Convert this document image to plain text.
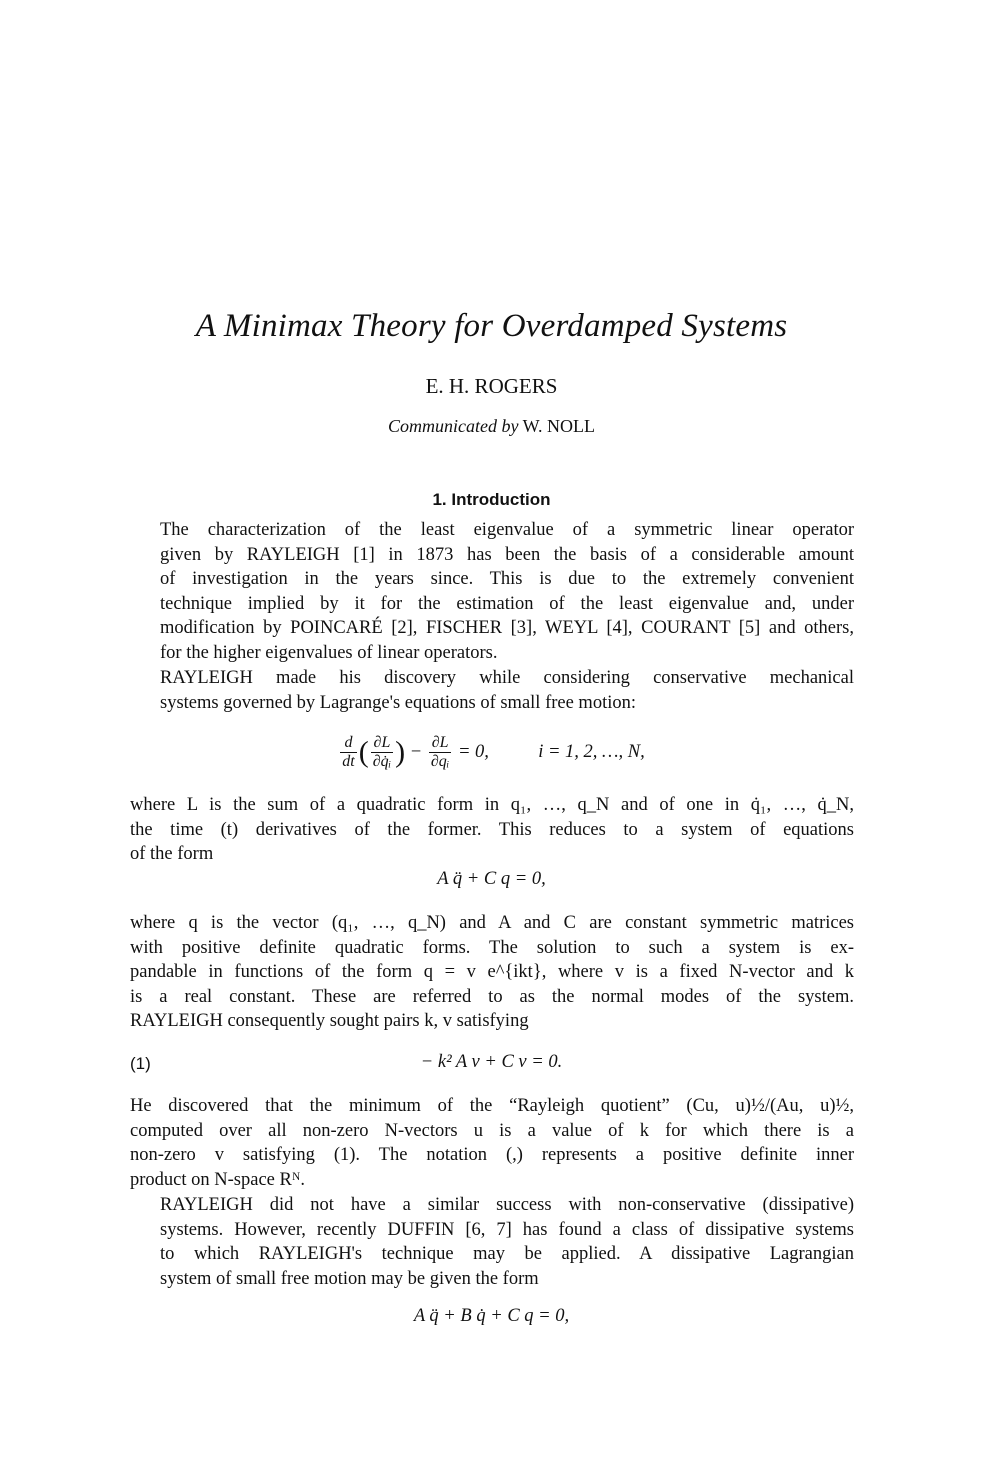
A Minimax Theory for Overdamped Systems
E. H. ROGERS
Communicated by W. NOLL
1. Introduction
The characterization of the least eigenvalue of a symmetric linear operator
given by RAYLEIGH [1] in 1873 has been the basis of a considerable amount
of investigation in the years since. This is due to the extremely convenient
technique implied by it for the estimation of the least eigenvalue and, under
modification by POINCARÉ [2], FISCHER [3], WEYL [4], COURANT [5] and others,
for the higher eigenvalues of linear operators.
RAYLEIGH made his discovery while considering conservative mechanical
systems governed by Lagrange's equations of small free motion:
$\frac{d}{dt}$ ( $\frac{\partial L}{\text{∂q̇ᵢ}}$ ) − $\frac{\partial L}{\text{∂qᵢ}} = 0$,	i = 1, 2, …, N,
where L is the sum of a quadratic form in q₁, …, q_N and of one in q̇₁, …, q̇_N,
the time (t) derivatives of the former. This reduces to a system of equations
of the form
A q̈ + C q = 0,
where q is the vector (q₁, …, q_N) and A and C are constant symmetric matrices
with positive definite quadratic forms. The solution to such a system is ex-
pandable in functions of the form q = v e^{ikt}, where v is a fixed N-vector and k
is a real constant. These are referred to as the normal modes of the system.
RAYLEIGH consequently sought pairs k, v satisfying
(1)	− k² A v + C v = 0.
He discovered that the minimum of the “Rayleigh quotient” (Cu, u)½/(Au, u)½,
computed over all non-zero N-vectors u is a value of k for which there is a
non-zero v satisfying (1). The notation (,) represents a positive definite inner
product on N-space Rᴺ.
RAYLEIGH did not have a similar success with non-conservative (dissipative)
systems. However, recently DUFFIN [6, 7] has found a class of dissipative systems
to which RAYLEIGH's technique may be applied. A dissipative Lagrangian
system of small free motion may be given the form
A q̈ + B q̇ + C q = 0,
